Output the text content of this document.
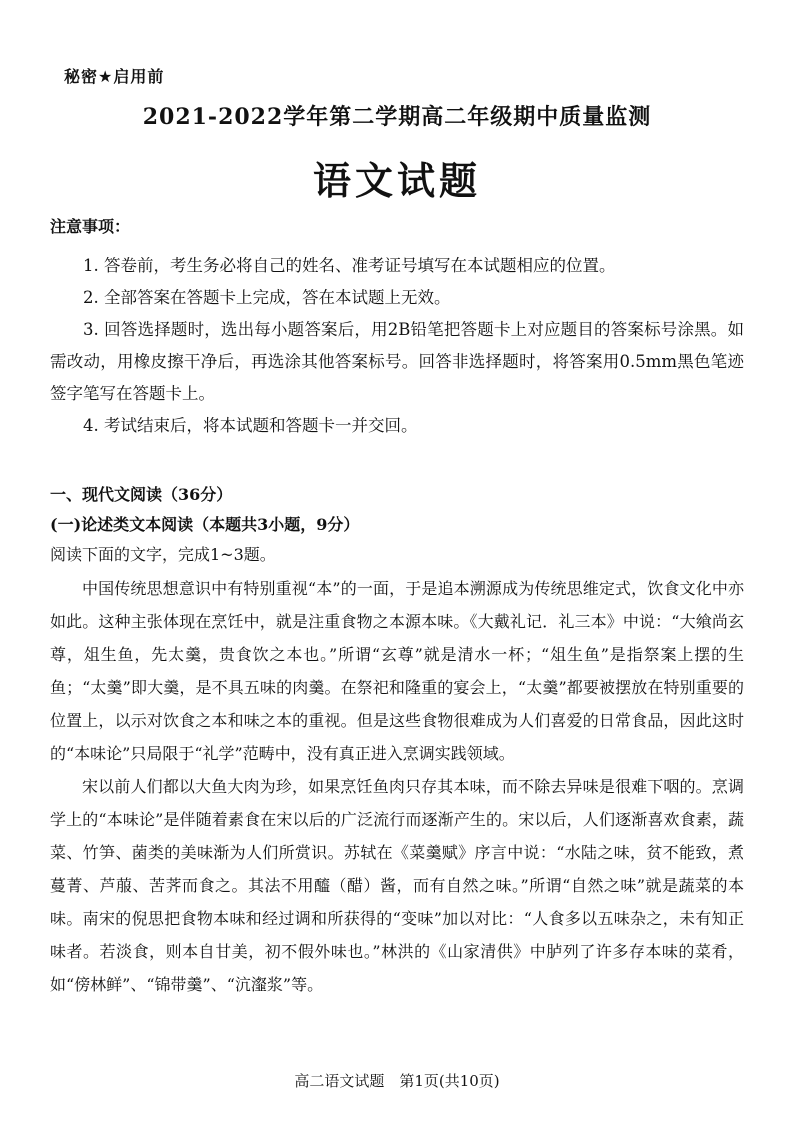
秘密★启用前
2021-2022学年第二学期高二年级期中质量监测
语文试题
注意事项：

1. 答卷前，考生务必将自己的姓名、准考证号填写在本试题相应的位置。

2. 全部答案在答题卡上完成，答在本试题上无效。

3. 回答选择题时，选出每小题答案后，用2B铅笔把答题卡上对应题目的答案标号涂黑。如需改动，用橡皮擦干净后，再选涂其他答案标号。回答非选择题时，将答案用0.5mm黑色笔迹签字笔写在答题卡上。

4. 考试结束后，将本试题和答题卡一并交回。

一、现代文阅读（36分）
(一)论述类文本阅读（本题共3小题，9分）
阅读下面的文字，完成1~3题。

中国传统思想意识中有特别重视“本”的一面，于是追本溯源成为传统思维定式，饮食文化中亦如此。这种主张体现在烹饪中，就是注重食物之本源本味。《大戴礼记．礼三本》中说：“大飨尚玄尊，俎生鱼，先太羹，贵食饮之本也。”所谓“玄尊”就是清水一杯；“俎生鱼”是指祭案上摆的生鱼；“太羹”即大羹，是不具五味的肉羹。在祭祀和隆重的宴会上，“太羹”都要被摆放在特别重要的位置上，以示对饮食之本和味之本的重视。但是这些食物很难成为人们喜爱的日常食品，因此这时的“本味论”只局限于“礼学”范畴中，没有真正进入烹调实践领域。

宋以前人们都以大鱼大肉为珍，如果烹饪鱼肉只存其本味，而不除去异味是很难下咽的。烹调学上的“本味论”是伴随着素食在宋以后的广泛流行而逐渐产生的。宋以后，人们逐渐喜欢食素，蔬菜、竹笋、菌类的美味渐为人们所赏识。苏轼在《菜羹赋》序言中说：“水陆之味，贫不能致，煮蔓菁、芦菔、苦荠而食之。其法不用醯（醋）酱，而有自然之味。”所谓“自然之味”就是蔬菜的本味。南宋的倪思把食物本味和经过调和所获得的“变味”加以对比：“人食多以五味杂之，未有知正味者。若淡食，则本自甘美，初不假外味也。”林洪的《山家清供》中胪列了许多存本味的菜肴，如“傍林鲜”、“锦带羹”、“沆瀣浆”等。

高二语文试题　第1页(共10页)
